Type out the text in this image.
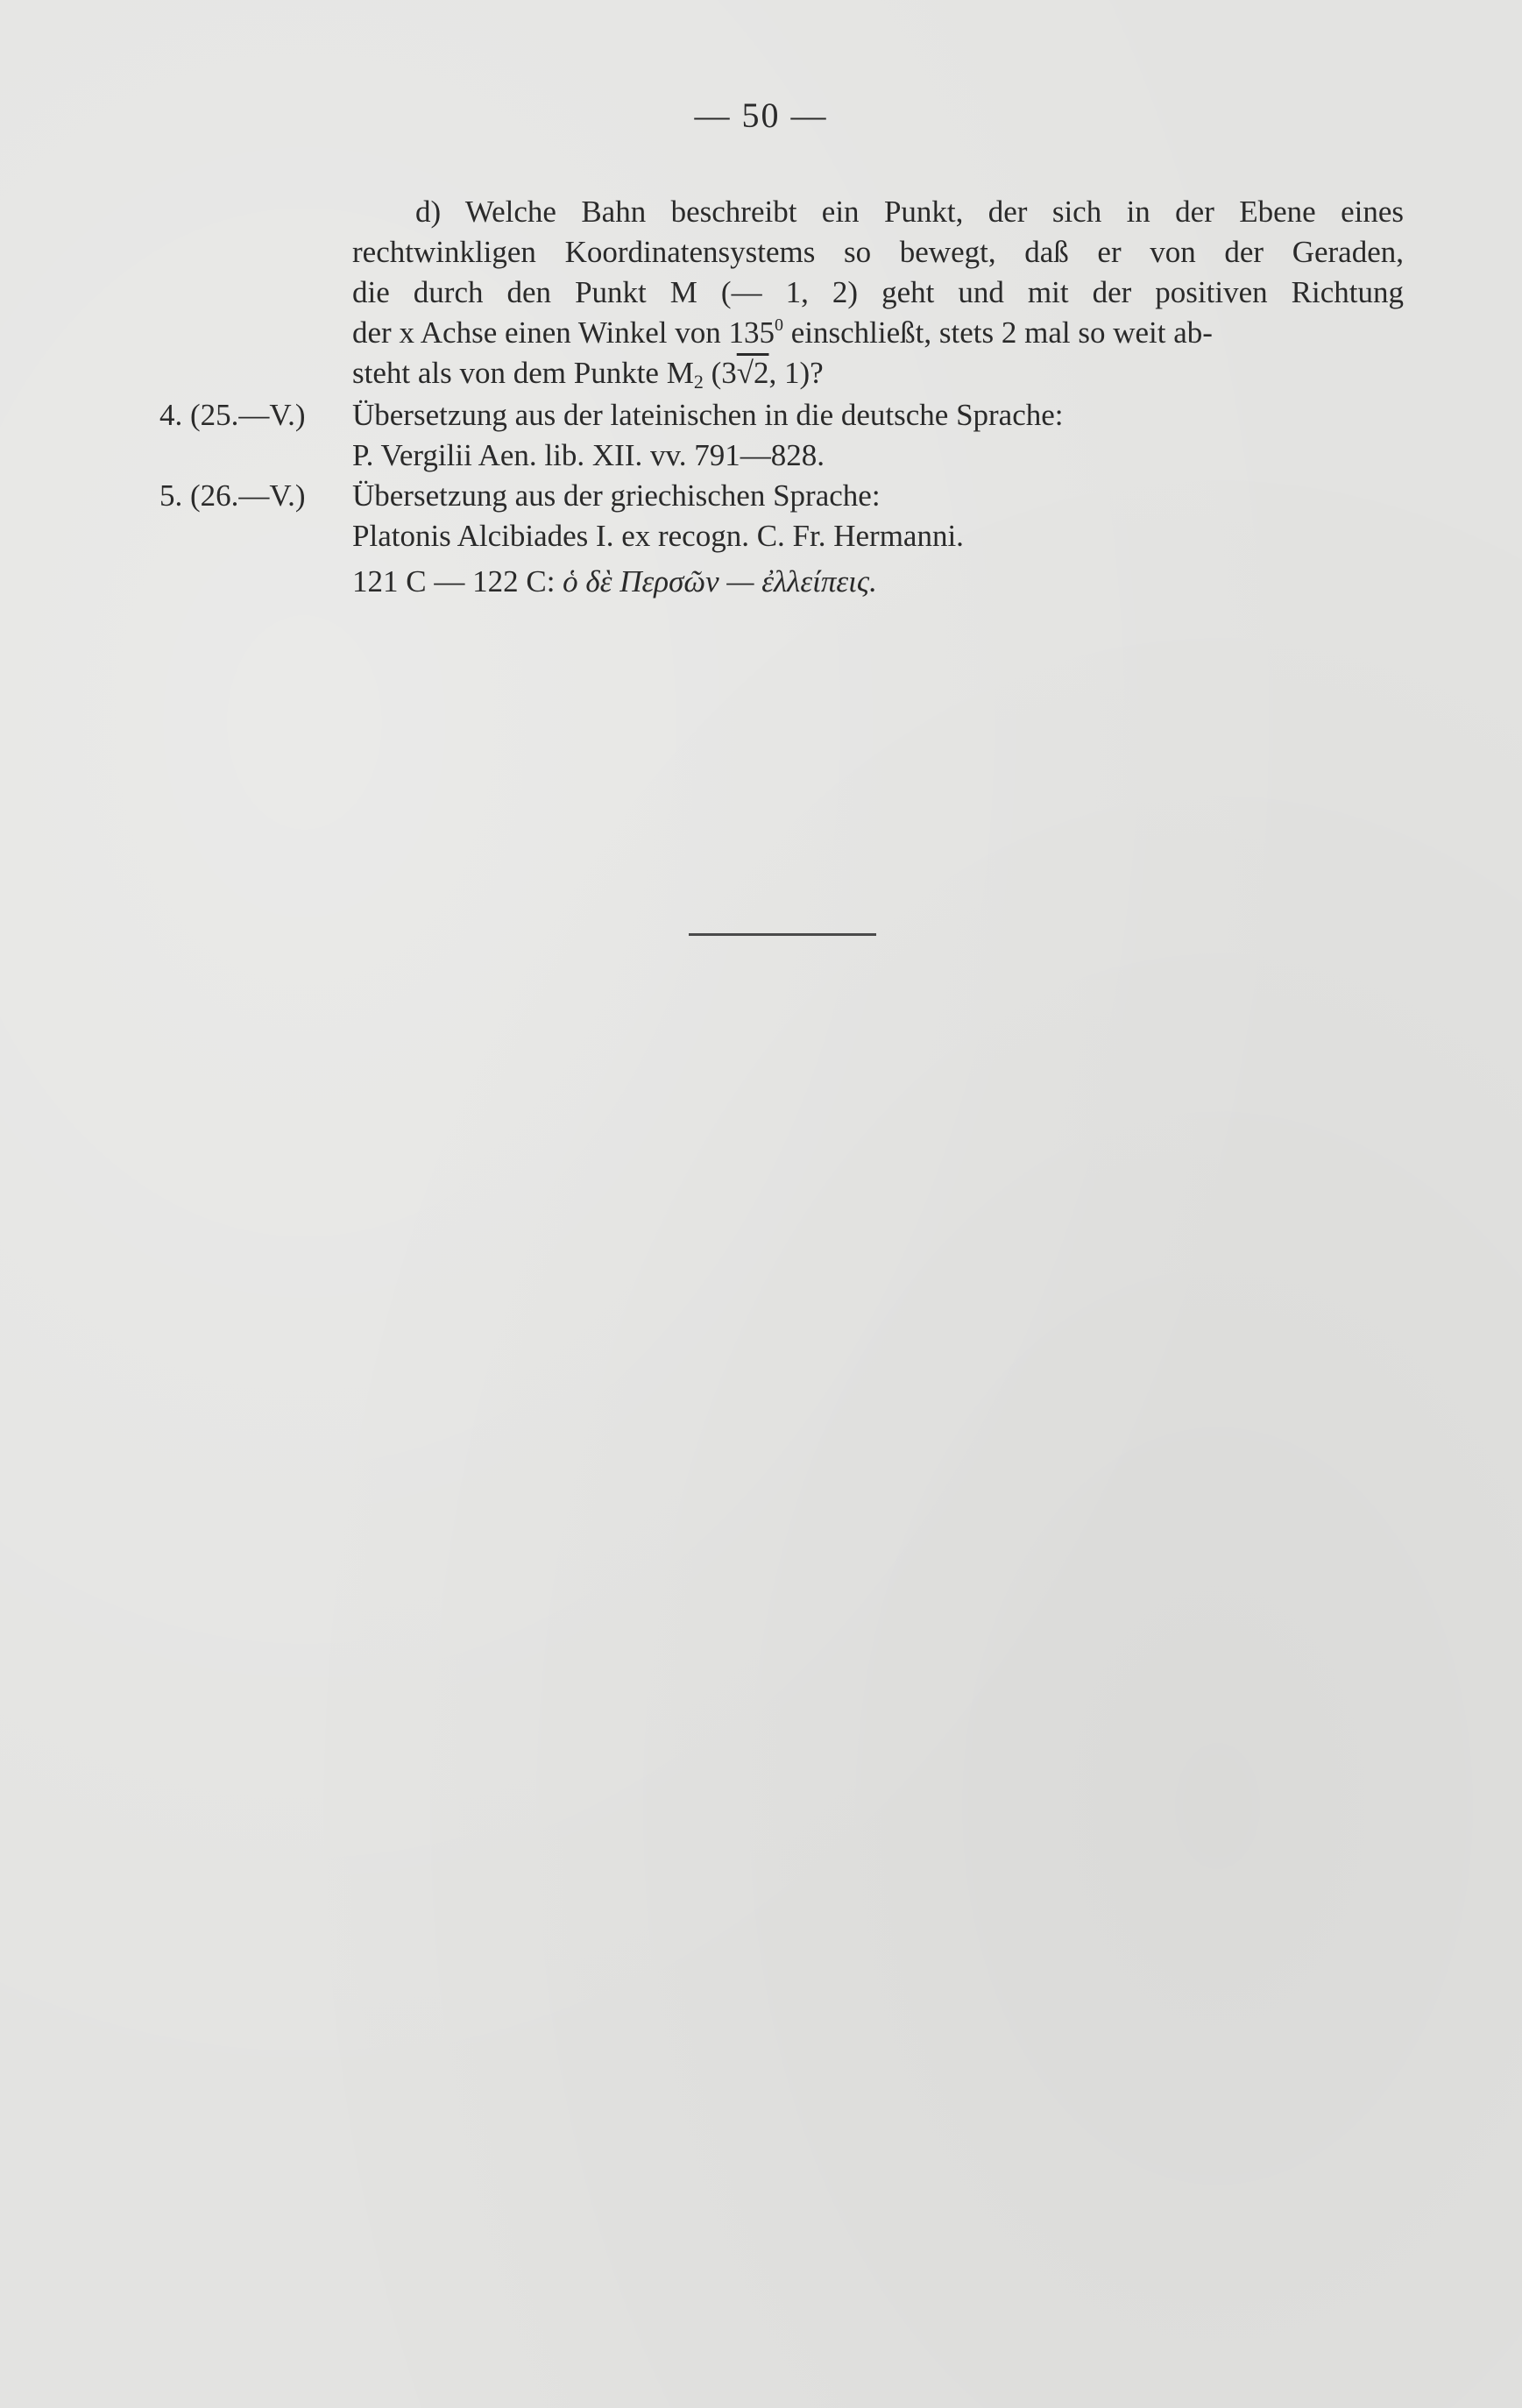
— 50 —
d) Welche Bahn beschreibt ein Punkt, der sich in der Ebene eines
rechtwinkligen Koordinatensystems so bewegt, daß er von der Geraden,
die durch den Punkt M (— 1, 2) geht und mit der positiven Richtung
der x Achse einen Winkel von $135^0$ einschließt, stets 2 mal so weit ab-
steht als von dem Punkte $M_2$ (3√2, 1)?
4. (25.—V.) Übersetzung aus der lateinischen in die deutsche Sprache:
P. Vergilii Aen. lib. XII. vv. 791—828.
5. (26.—V.) Übersetzung aus der griechischen Sprache:
Platonis Alcibiades I. ex recogn. C. Fr. Hermanni.
121 C — 122 C: ὁ δὲ Περσῶν — ἐλλείπεις.
